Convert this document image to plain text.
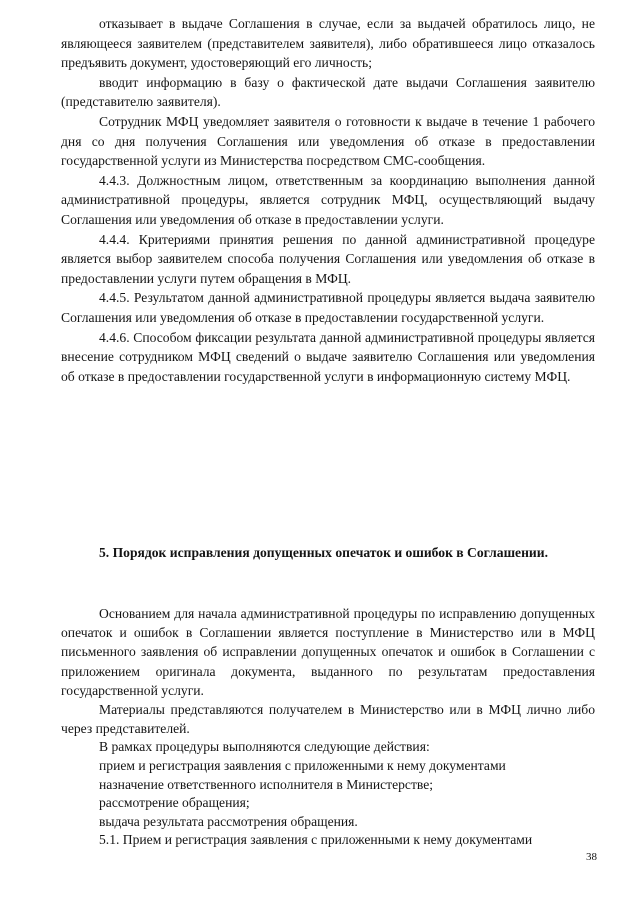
отказывает в выдаче Соглашения в случае, если за выдачей обратилось лицо, не являющееся заявителем (представителем заявителя), либо обратившееся лицо отказалось предъявить документ, удостоверяющий его личность;

вводит информацию в базу о фактической дате выдачи Соглашения заявителю (представителю заявителя).

Сотрудник МФЦ уведомляет заявителя о готовности к выдаче в течение 1 рабочего дня со дня получения Соглашения или уведомления об отказе в предоставлении государственной услуги из Министерства посредством СМС-сообщения.

4.4.3. Должностным лицом, ответственным за координацию выполнения данной административной процедуры, является сотрудник МФЦ, осуществляющий выдачу Соглашения или уведомления об отказе в предоставлении услуги.

4.4.4. Критериями принятия решения по данной административной процедуре является выбор заявителем способа получения Соглашения или уведомления об отказе в предоставлении услуги путем обращения в МФЦ.

4.4.5. Результатом данной административной процедуры является выдача заявителю Соглашения или уведомления об отказе в предоставлении государственной услуги.

4.4.6. Способом фиксации результата данной административной процедуры является внесение сотрудником МФЦ сведений о выдаче заявителю Соглашения или уведомления об отказе в предоставлении государственной услуги в информационную систему МФЦ.

5. Порядок исправления допущенных опечаток и ошибок в Соглашении.

Основанием для начала административной процедуры по исправлению допущенных опечаток и ошибок в Соглашении является поступление в Министерство или в МФЦ письменного заявления об исправлении допущенных опечаток и ошибок в Соглашении с приложением оригинала документа, выданного по результатам предоставления государственной услуги.

Материалы представляются получателем в Министерство или в МФЦ лично либо через представителей.

В рамках процедуры выполняются следующие действия:
прием и регистрация заявления с приложенными к нему документами
назначение ответственного исполнителя в Министерстве;
рассмотрение обращения;
выдача результата рассмотрения обращения.
5.1. Прием и регистрация заявления с приложенными к нему документами
38
